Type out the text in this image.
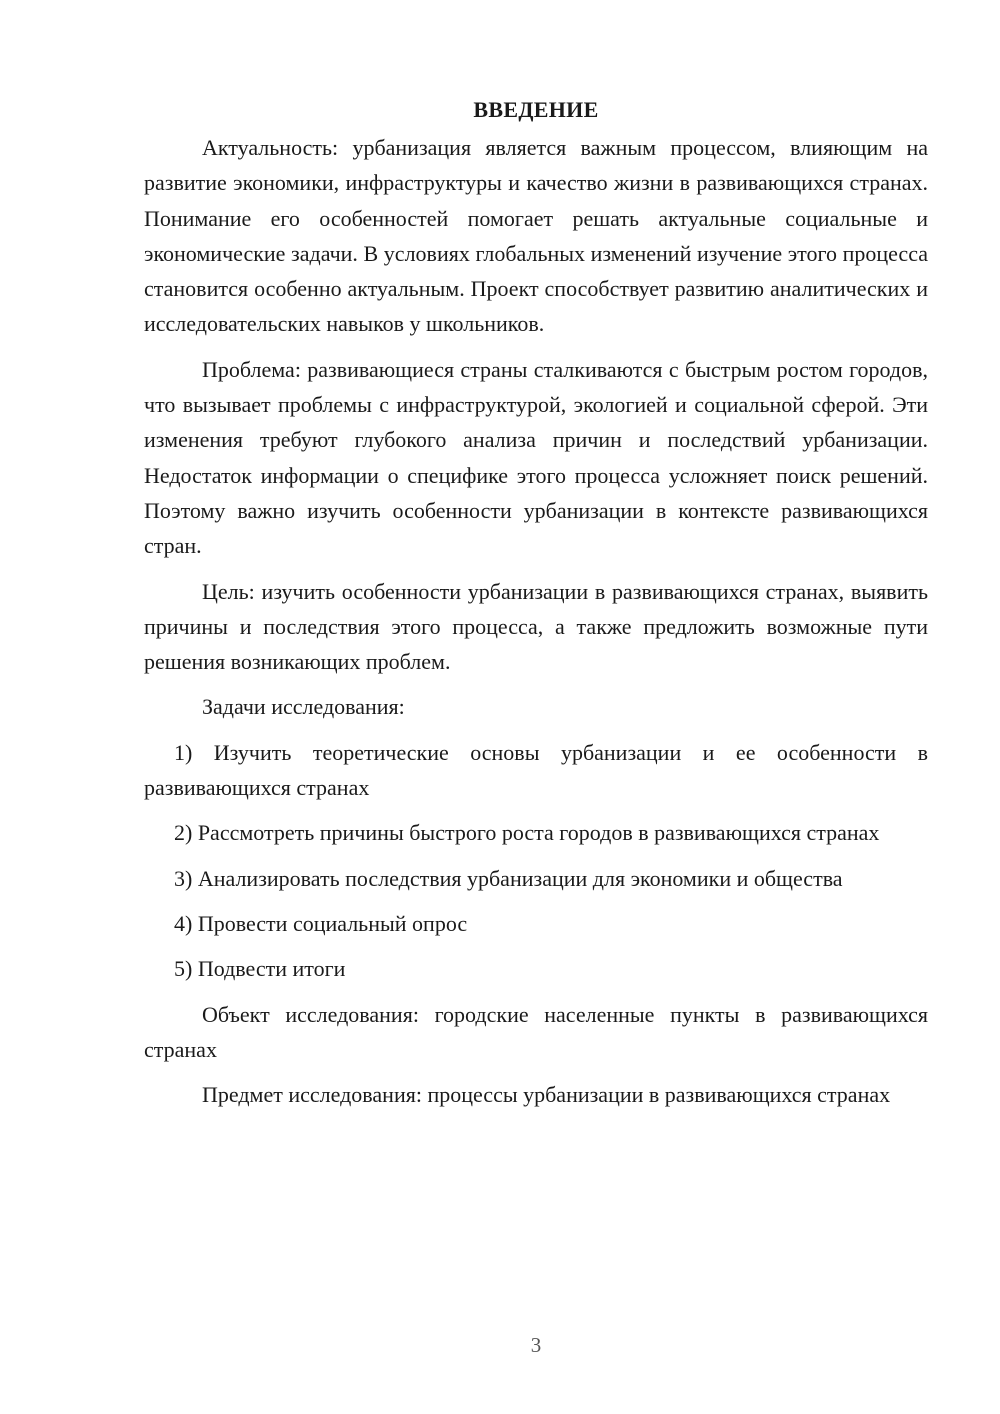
ВВЕДЕНИЕ

Актуальность: урбанизация является важным процессом, влияющим на развитие экономики, инфраструктуры и качество жизни в развивающихся странах. Понимание его особенностей помогает решать актуальные социальные и экономические задачи. В условиях глобальных изменений изучение этого процесса становится особенно актуальным. Проект способствует развитию аналитических и исследовательских навыков у школьников.

Проблема: развивающиеся страны сталкиваются с быстрым ростом городов, что вызывает проблемы с инфраструктурой, экологией и социальной сферой. Эти изменения требуют глубокого анализа причин и последствий урбанизации. Недостаток информации о специфике этого процесса усложняет поиск решений. Поэтому важно изучить особенности урбанизации в контексте развивающихся стран.

Цель: изучить особенности урбанизации в развивающихся странах, выявить причины и последствия этого процесса, а также предложить возможные пути решения возникающих проблем.

Задачи исследования:

1) Изучить теоретические основы урбанизации и ее особенности в развивающихся странах

2) Рассмотреть причины быстрого роста городов в развивающихся странах

3) Анализировать последствия урбанизации для экономики и общества

4) Провести социальный опрос

5) Подвести итоги

Объект исследования: городские населенные пункты в развивающихся странах

Предмет исследования: процессы урбанизации в развивающихся странах

3
